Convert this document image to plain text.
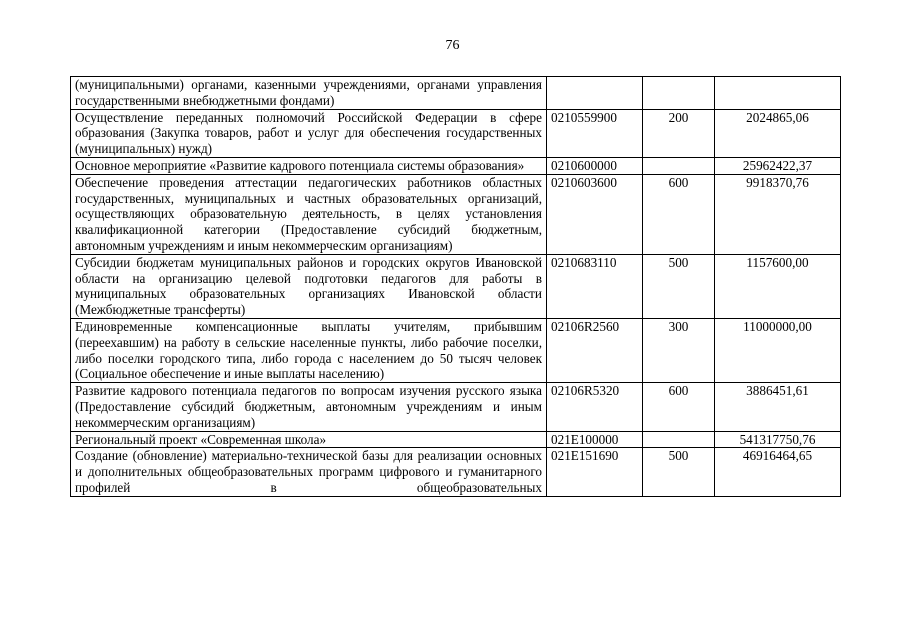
76
(муниципальными) органами, казенными учреждениями, органами управления государственными внебюджетными фондами)			
Осуществление переданных полномочий Российской Федерации в сфере образования (Закупка товаров, работ и услуг для обеспечения государственных (муниципальных) нужд)	0210559900	200	2024865,06
Основное мероприятие «Развитие кадрового потенциала системы образования»	0210600000		25962422,37
Обеспечение проведения аттестации педагогических работников областных государственных, муниципальных и частных образовательных организаций, осуществляющих образовательную деятельность, в целях установления квалификационной категории (Предоставление субсидий бюджетным, автономным учреждениям и иным некоммерческим организациям)	0210603600	600	9918370,76
Субсидии бюджетам муниципальных районов и городских округов Ивановской области на организацию целевой подготовки педагогов для работы в муниципальных образовательных организациях Ивановской области (Межбюджетные трансферты)	0210683110	500	1157600,00
Единовременные компенсационные выплаты учителям, прибывшим (переехавшим) на работу в сельские населенные пункты, либо рабочие поселки, либо поселки городского типа, либо города с населением до 50 тысяч человек (Социальное обеспечение и иные выплаты населению)	02106R2560	300	11000000,00
Развитие кадрового потенциала педагогов по вопросам изучения русского языка (Предоставление субсидий бюджетным, автономным учреждениям и иным некоммерческим организациям)	02106R5320	600	3886451,61
Региональный проект «Современная школа»	021E100000		541317750,76
Создание (обновление) материально-технической базы для реализации основных и дополнительных общеобразовательных программ цифрового и гуманитарного профилей в общеобразовательных	021E151690	500	46916464,65
